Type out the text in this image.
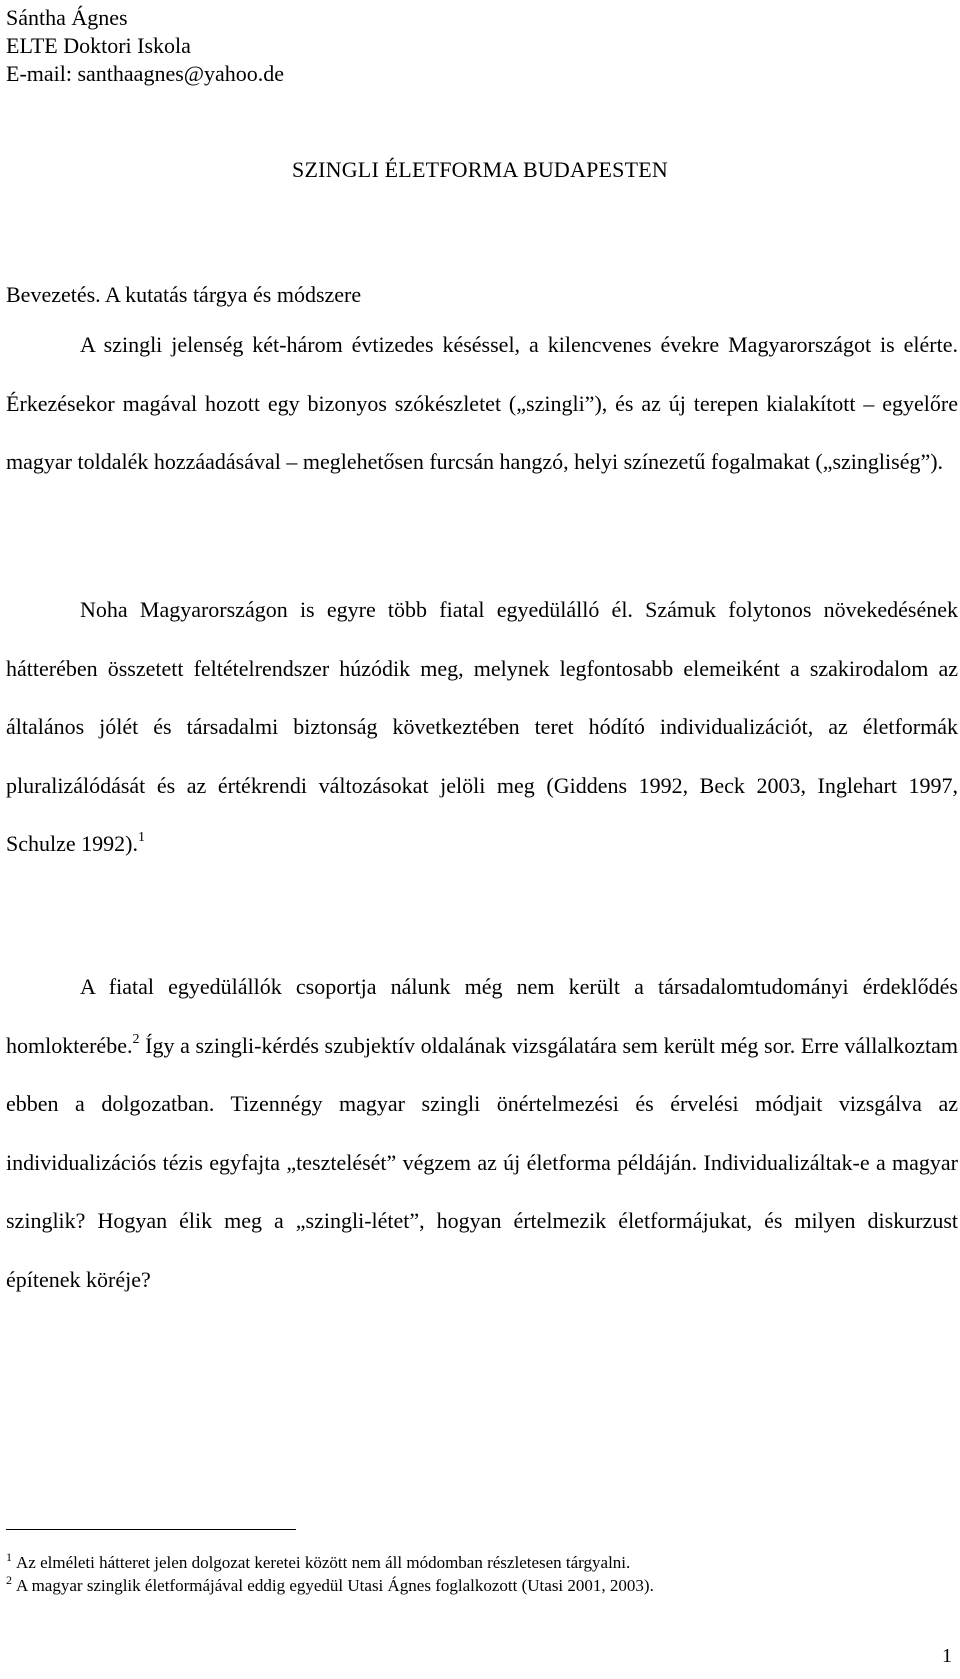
Sántha Ágnes
ELTE Doktori Iskola
E-mail: santhaagnes@yahoo.de
SZINGLI ÉLETFORMA BUDAPESTEN
Bevezetés. A kutatás tárgya és módszere

A szingli jelenség két-három évtizedes késéssel, a kilencvenes évekre Magyarországot is elérte. Érkezésekor magával hozott egy bizonyos szókészletet („szingli”), és az új terepen kialakított – egyelőre magyar toldalék hozzáadásával – meglehetősen furcsán hangzó, helyi színezetű fogalmakat („szingliség”).

Noha Magyarországon is egyre több fiatal egyedülálló él. Számuk folytonos növekedésének hátterében összetett feltételrendszer húzódik meg, melynek legfontosabb elemeiként a szakirodalom az általános jólét és társadalmi biztonság következtében teret hódító individualizációt, az életformák pluralizálódását és az értékrendi változásokat jelöli meg (Giddens 1992, Beck 2003, Inglehart 1997, Schulze 1992).$^1$

A fiatal egyedülállók csoportja nálunk még nem került a társadalomtudományi érdeklődés homlokterébe.$^2$ Így a szingli-kérdés szubjektív oldalának vizsgálatára sem került még sor. Erre vállalkoztam ebben a dolgozatban. Tizennégy magyar szingli önértelmezési és érvelési módjait vizsgálva az individualizációs tézis egyfajta „tesztelését” végzem az új életforma példáján. Individualizáltak-e a magyar szinglik? Hogyan élik meg a „szingli-létet”, hogyan értelmezik életformájukat, és milyen diskurzust építenek köréje?

$^1$ Az elméleti hátteret jelen dolgozat keretei között nem áll módomban részletesen tárgyalni.
$^2$ A magyar szinglik életformájával eddig egyedül Utasi Ágnes foglalkozott (Utasi 2001, 2003).
1
